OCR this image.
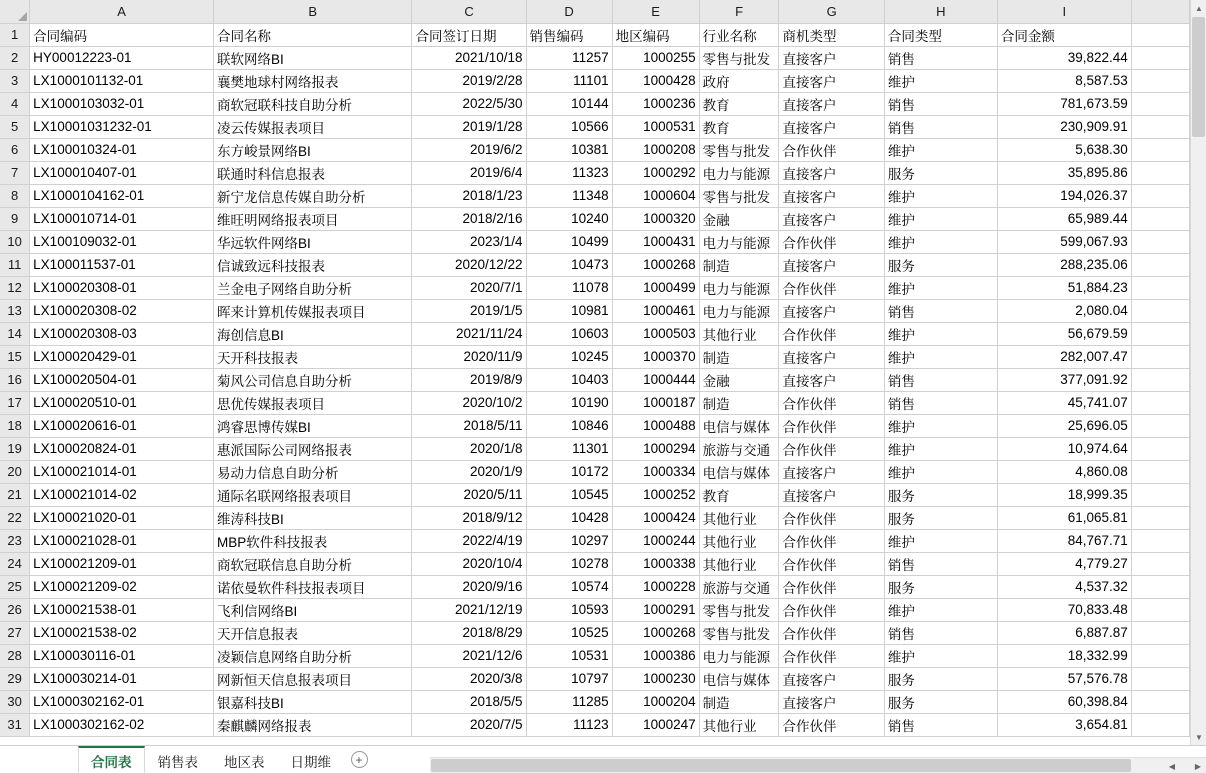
	A	B	C	D	E	F	G	H	I	
1	合同编码	合同名称	合同签订日期	销售编码	地区编码	行业名称	商机类型	合同类型	合同金额	
2	HY00012223-01	联软网络BI	2021/10/18	11257	1000255	零售与批发	直接客户	销售	39,822.44	
3	LX1000101132-01	襄樊地球村网络报表	2019/2/28	11101	1000428	政府	直接客户	维护	8,587.53	
4	LX1000103032-01	商软冠联科技自助分析	2022/5/30	10144	1000236	教育	直接客户	销售	781,673.59	
5	LX10001031232-01	凌云传媒报表项目	2019/1/28	10566	1000531	教育	直接客户	销售	230,909.91	
6	LX100010324-01	东方峻景网络BI	2019/6/2	10381	1000208	零售与批发	合作伙伴	维护	5,638.30	
7	LX100010407-01	联通时科信息报表	2019/6/4	11323	1000292	电力与能源	直接客户	服务	35,895.86	
8	LX1000104162-01	新宁龙信息传媒自助分析	2018/1/23	11348	1000604	零售与批发	直接客户	维护	194,026.37	
9	LX100010714-01	维旺明网络报表项目	2018/2/16	10240	1000320	金融	直接客户	维护	65,989.44	
10	LX100109032-01	华远软件网络BI	2023/1/4	10499	1000431	电力与能源	合作伙伴	维护	599,067.93	
11	LX100011537-01	信诚致远科技报表	2020/12/22	10473	1000268	制造	直接客户	服务	288,235.06	
12	LX100020308-01	兰金电子网络自助分析	2020/7/1	11078	1000499	电力与能源	合作伙伴	维护	51,884.23	
13	LX100020308-02	晖来计算机传媒报表项目	2019/1/5	10981	1000461	电力与能源	直接客户	销售	2,080.04	
14	LX100020308-03	海创信息BI	2021/11/24	10603	1000503	其他行业	合作伙伴	维护	56,679.59	
15	LX100020429-01	天开科技报表	2020/11/9	10245	1000370	制造	直接客户	维护	282,007.47	
16	LX100020504-01	菊风公司信息自助分析	2019/8/9	10403	1000444	金融	直接客户	销售	377,091.92	
17	LX100020510-01	思优传媒报表项目	2020/10/2	10190	1000187	制造	合作伙伴	销售	45,741.07	
18	LX100020616-01	鸿睿思博传媒BI	2018/5/11	10846	1000488	电信与媒体	合作伙伴	维护	25,696.05	
19	LX100020824-01	惠派国际公司网络报表	2020/1/8	11301	1000294	旅游与交通	合作伙伴	维护	10,974.64	
20	LX100021014-01	易动力信息自助分析	2020/1/9	10172	1000334	电信与媒体	直接客户	维护	4,860.08	
21	LX100021014-02	通际名联网络报表项目	2020/5/11	10545	1000252	教育	直接客户	服务	18,999.35	
22	LX100021020-01	维涛科技BI	2018/9/12	10428	1000424	其他行业	合作伙伴	服务	61,065.81	
23	LX100021028-01	MBP软件科技报表	2022/4/19	10297	1000244	其他行业	合作伙伴	维护	84,767.71	
24	LX100021209-01	商软冠联信息自助分析	2020/10/4	10278	1000338	其他行业	合作伙伴	销售	4,779.27	
25	LX100021209-02	诺依曼软件科技报表项目	2020/9/16	10574	1000228	旅游与交通	合作伙伴	服务	4,537.32	
26	LX100021538-01	飞利信网络BI	2021/12/19	10593	1000291	零售与批发	合作伙伴	维护	70,833.48	
27	LX100021538-02	天开信息报表	2018/8/29	10525	1000268	零售与批发	合作伙伴	销售	6,887.87	
28	LX100030116-01	凌颖信息网络自助分析	2021/12/6	10531	1000386	电力与能源	合作伙伴	维护	18,332.99	
29	LX100030214-01	网新恒天信息报表项目	2020/3/8	10797	1000230	电信与媒体	直接客户	服务	57,576.78	
30	LX1000302162-01	银嘉科技BI	2018/5/5	11285	1000204	制造	直接客户	服务	60,398.84	
31	LX1000302162-02	秦麒麟网络报表	2020/7/5	11123	1000247	其他行业	合作伙伴	销售	3,654.81	
▲
▼
合同表 销售表 地区表 日期维	+	◀	▶
